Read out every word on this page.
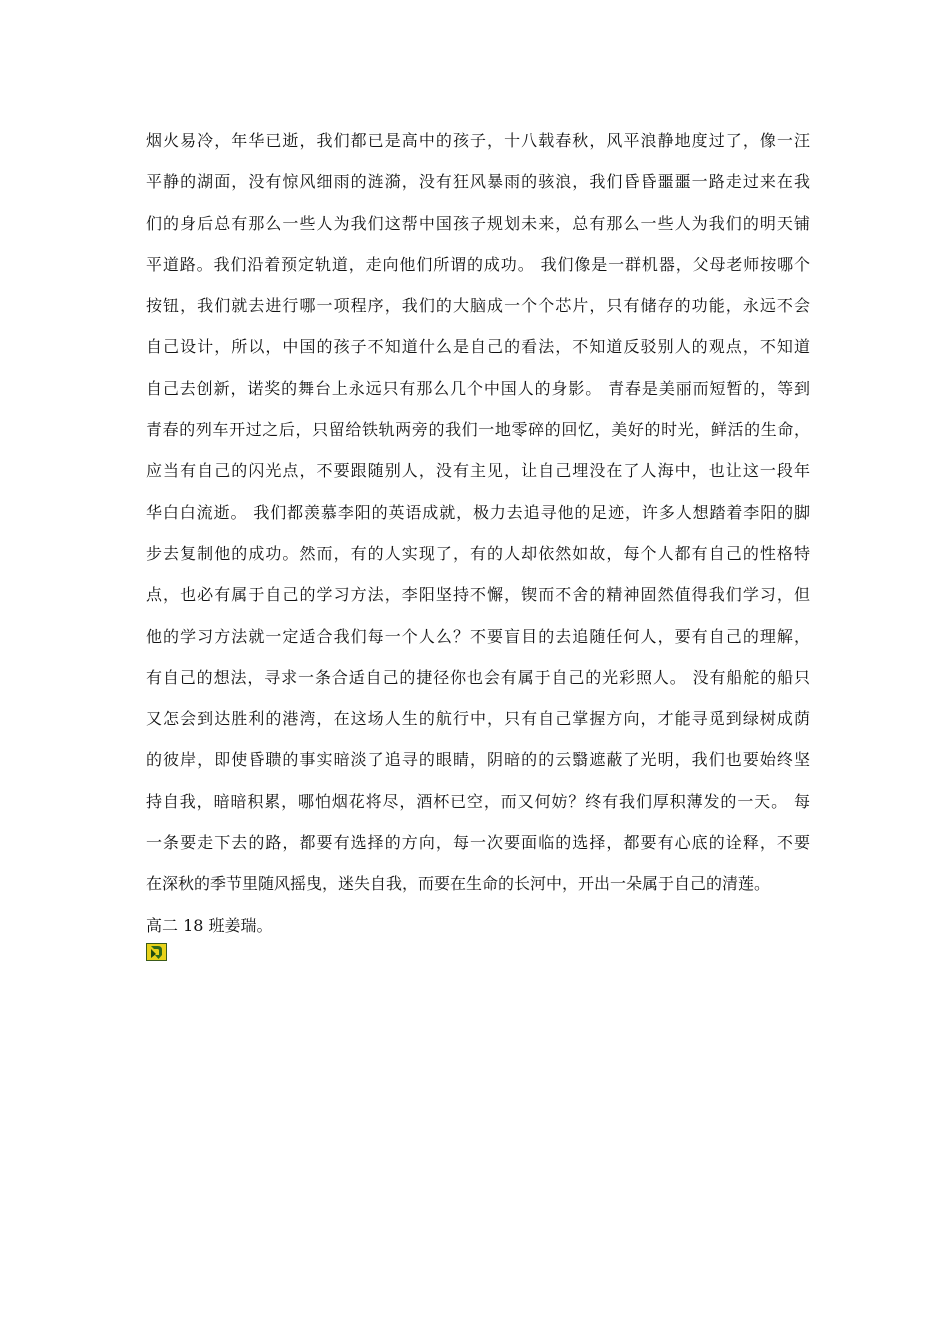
烟火易冷，年华已逝，我们都已是高中的孩子，十八载春秋，风平浪静地度过了，像一汪
平静的湖面，没有惊风细雨的涟漪，没有狂风暴雨的骇浪，我们昏昏噩噩一路走过来在我
们的身后总有那么一些人为我们这帮中国孩子规划未来，总有那么一些人为我们的明天铺
平道路。我们沿着预定轨道，走向他们所谓的成功。 我们像是一群机器，父母老师按哪个
按钮，我们就去进行哪一项程序，我们的大脑成一个个芯片，只有储存的功能，永远不会
自己设计，所以，中国的孩子不知道什么是自己的看法，不知道反驳别人的观点，不知道
自己去创新，诺奖的舞台上永远只有那么几个中国人的身影。 青春是美丽而短暂的，等到
青春的列车开过之后，只留给铁轨两旁的我们一地零碎的回忆，美好的时光，鲜活的生命，
应当有自己的闪光点，不要跟随别人，没有主见，让自己埋没在了人海中，也让这一段年
华白白流逝。 我们都羡慕李阳的英语成就，极力去追寻他的足迹，许多人想踏着李阳的脚
步去复制他的成功。然而，有的人实现了，有的人却依然如故，每个人都有自己的性格特
点，也必有属于自己的学习方法，李阳坚持不懈，锲而不舍的精神固然值得我们学习，但
他的学习方法就一定适合我们每一个人么？不要盲目的去追随任何人，要有自己的理解，
有自己的想法，寻求一条合适自己的捷径你也会有属于自己的光彩照人。 没有船舵的船只
又怎会到达胜利的港湾，在这场人生的航行中，只有自己掌握方向，才能寻觅到绿树成荫
的彼岸，即使昏聩的事实暗淡了追寻的眼睛，阴暗的的云翳遮蔽了光明，我们也要始终坚
持自我，暗暗积累，哪怕烟花将尽，酒杯已空，而又何妨？终有我们厚积薄发的一天。 每
一条要走下去的路，都要有选择的方向，每一次要面临的选择，都要有心底的诠释，不要
在深秋的季节里随风摇曳，迷失自我，而要在生命的长河中，开出一朵属于自己的清莲。
高二 18 班姜瑞。
